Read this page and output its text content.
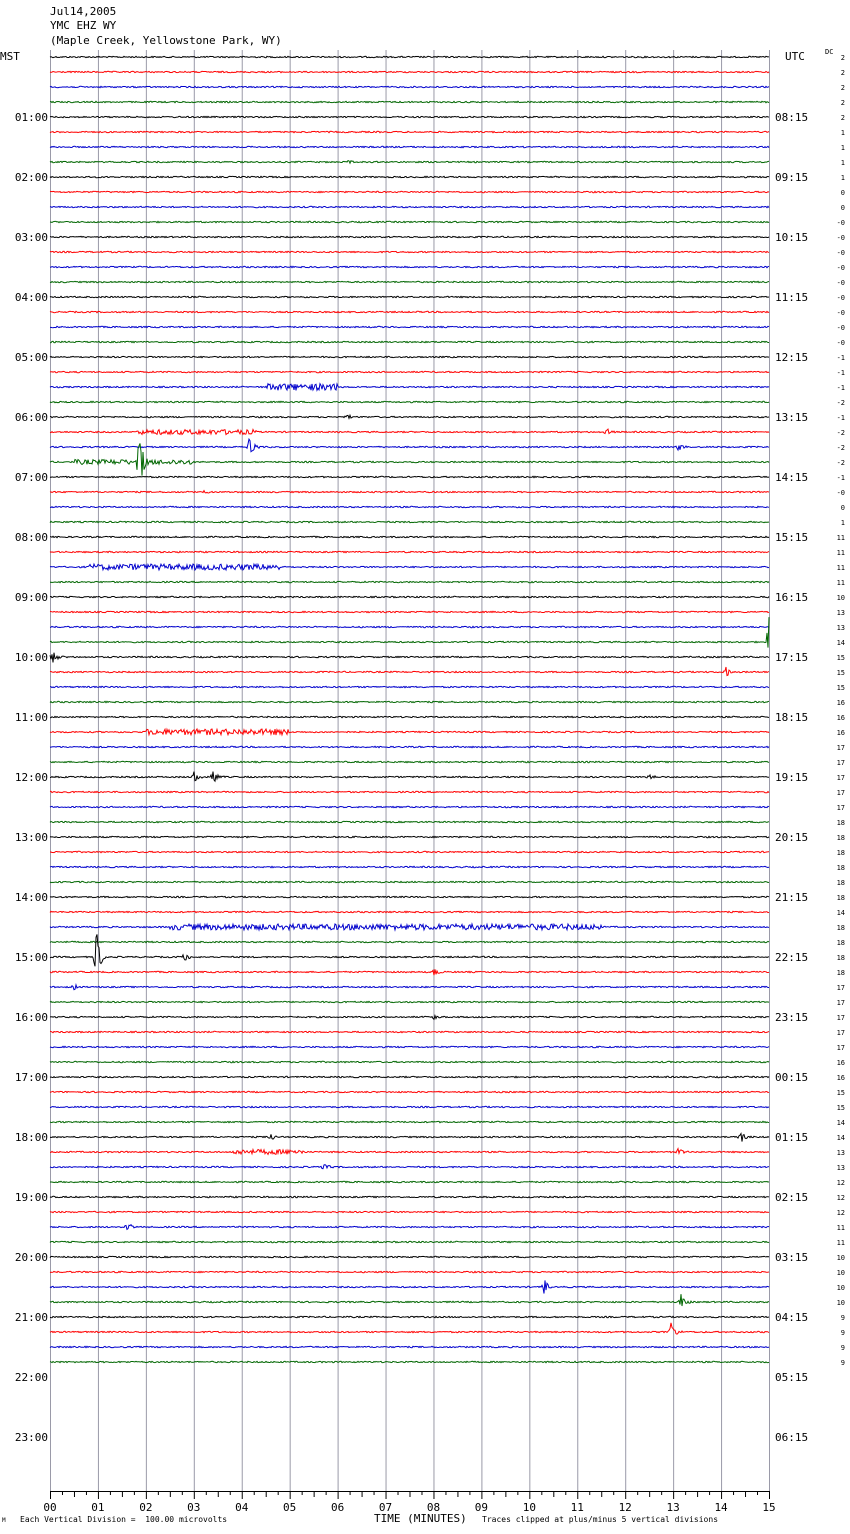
Jul14,2005
YMC EHZ WY
(Maple Creek, Yellowstone Park, WY)
MST	UTC	DC
00	01	02	03	04	05	06	07	08	09	10	11	12	13	14	15
01:00
02:00
03:00
04:00
05:00
06:00
07:00
08:00
09:00
10:00
11:00
12:00
13:00
14:00
15:00
16:00
17:00
18:00
19:00
20:00
21:00
22:00
23:00
08:15
09:15
10:15
11:15
12:15
13:15
14:15
15:15
16:15
17:15
18:15
19:15
20:15
21:15
22:15
23:15
00:15
01:15
02:15
03:15
04:15
05:15
06:15
2
2
2
2
2
1
1
1
1
0
0
-0
-0
-0
-0
-0
-0
-0
-0
-0
-1
-1
-1
-2
-1
-2
-2
-2
-1
-0
0
1
11
11
11
11
10
13
13
14
15
15
15
16
16
16
17
17
17
17
17
18
18
18
18
18
18
14
18
18
18
18
17
17
17
17
17
16
16
15
15
14
14
13
13
12
12
12
11
11
10
10
10
10
9
9
9
9
M Each Vertical Division =  100.00 microvolts	TIME (MINUTES) Traces clipped at plus/minus 5 vertical divisions
